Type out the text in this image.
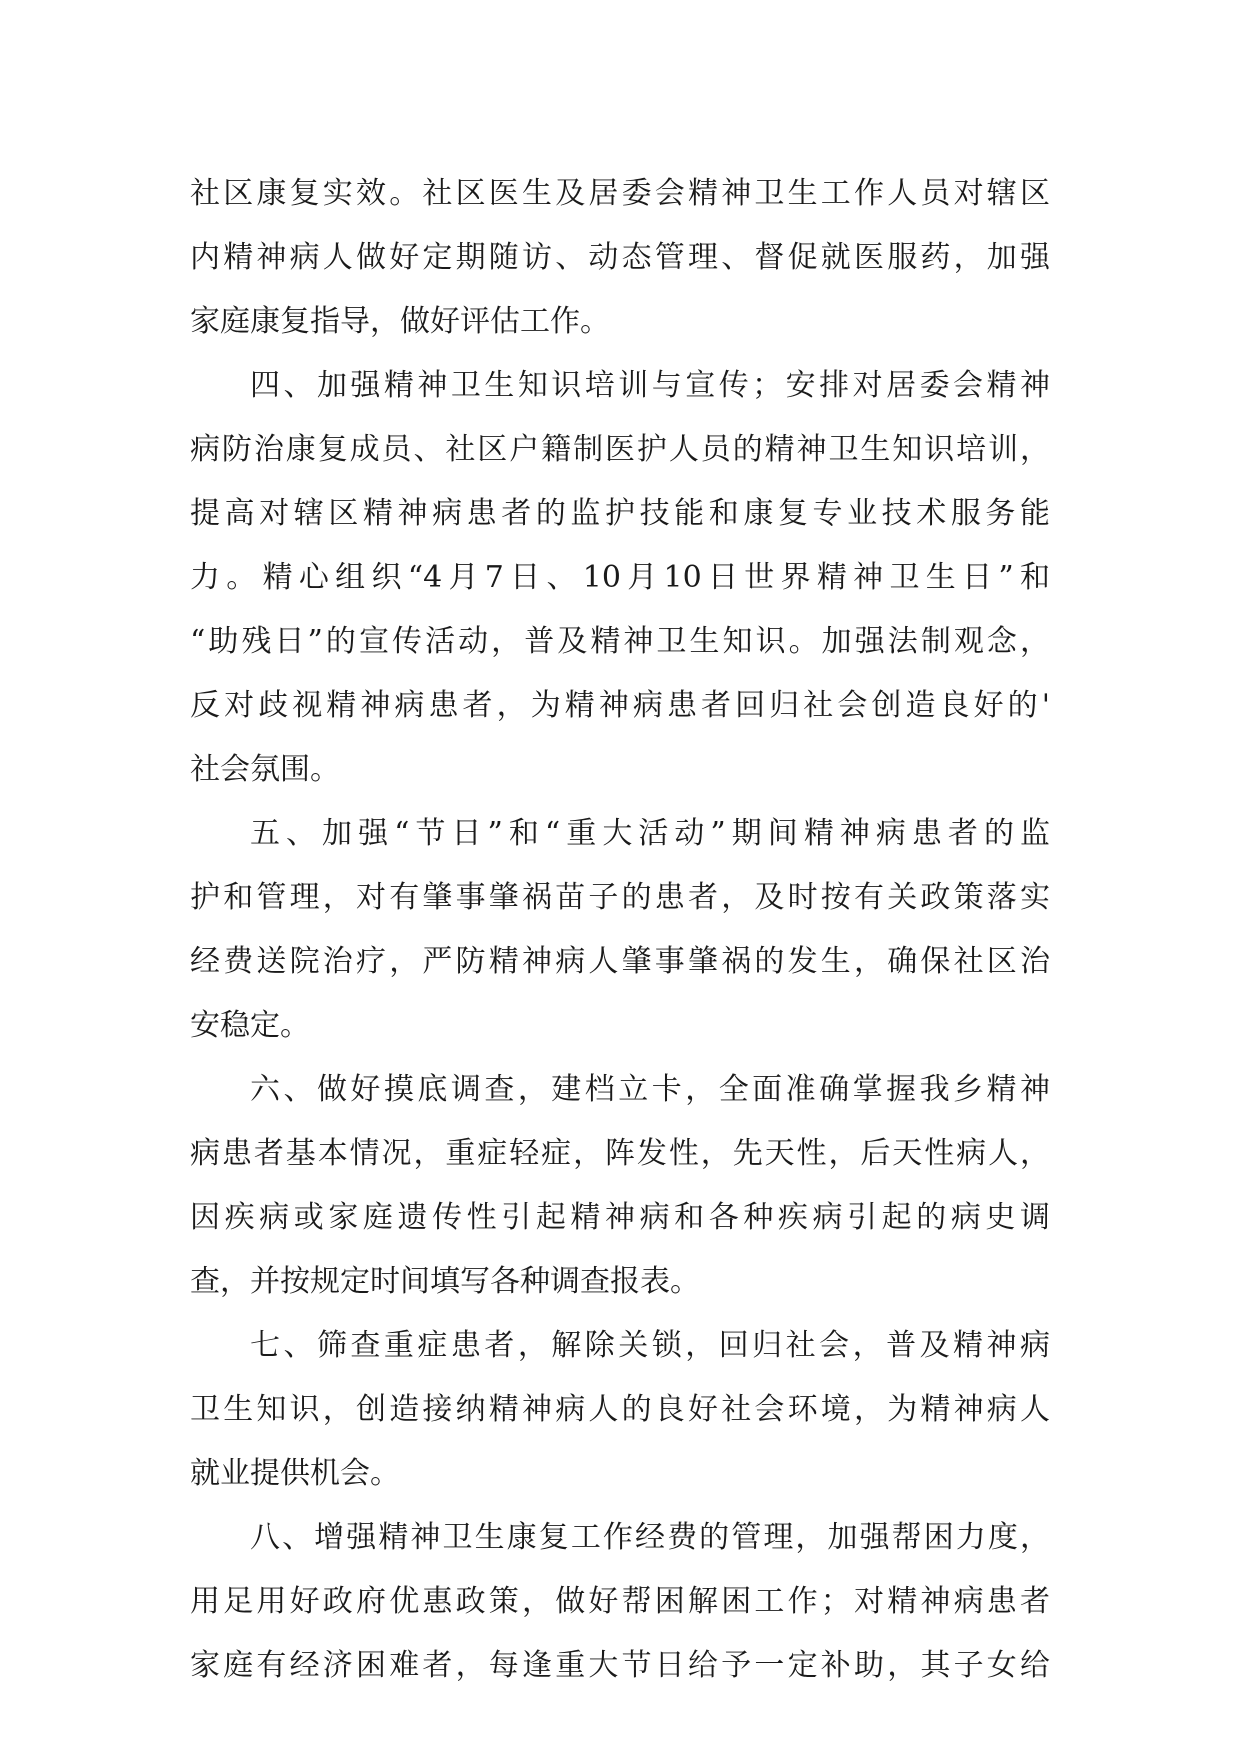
社区康复实效。社区医生及居委会精神卫生工作人员对辖区
内精神病人做好定期随访、动态管理、督促就医服药，加强
家庭康复指导，做好评估工作。
四、加强精神卫生知识培训与宣传；安排对居委会精神
病防治康复成员、社区户籍制医护人员的精神卫生知识培训，
提高对辖区精神病患者的监护技能和康复专业技术服务能
力。精心组织“4月7日、10月10日世界精神卫生日”和
“助残日”的宣传活动，普及精神卫生知识。加强法制观念，
反对歧视精神病患者，为精神病患者回归社会创造良好的'
社会氛围。
五、加强“节日”和“重大活动”期间精神病患者的监
护和管理，对有肇事肇祸苗子的患者，及时按有关政策落实
经费送院治疗，严防精神病人肇事肇祸的发生，确保社区治
安稳定。
六、做好摸底调查，建档立卡，全面准确掌握我乡精神
病患者基本情况，重症轻症，阵发性，先天性，后天性病人，
因疾病或家庭遗传性引起精神病和各种疾病引起的病史调
查，并按规定时间填写各种调查报表。
七、筛查重症患者，解除关锁，回归社会，普及精神病
卫生知识，创造接纳精神病人的良好社会环境，为精神病人
就业提供机会。
八、增强精神卫生康复工作经费的管理，加强帮困力度，
用足用好政府优惠政策，做好帮困解困工作；对精神病患者
家庭有经济困难者，每逢重大节日给予一定补助，其子女给
